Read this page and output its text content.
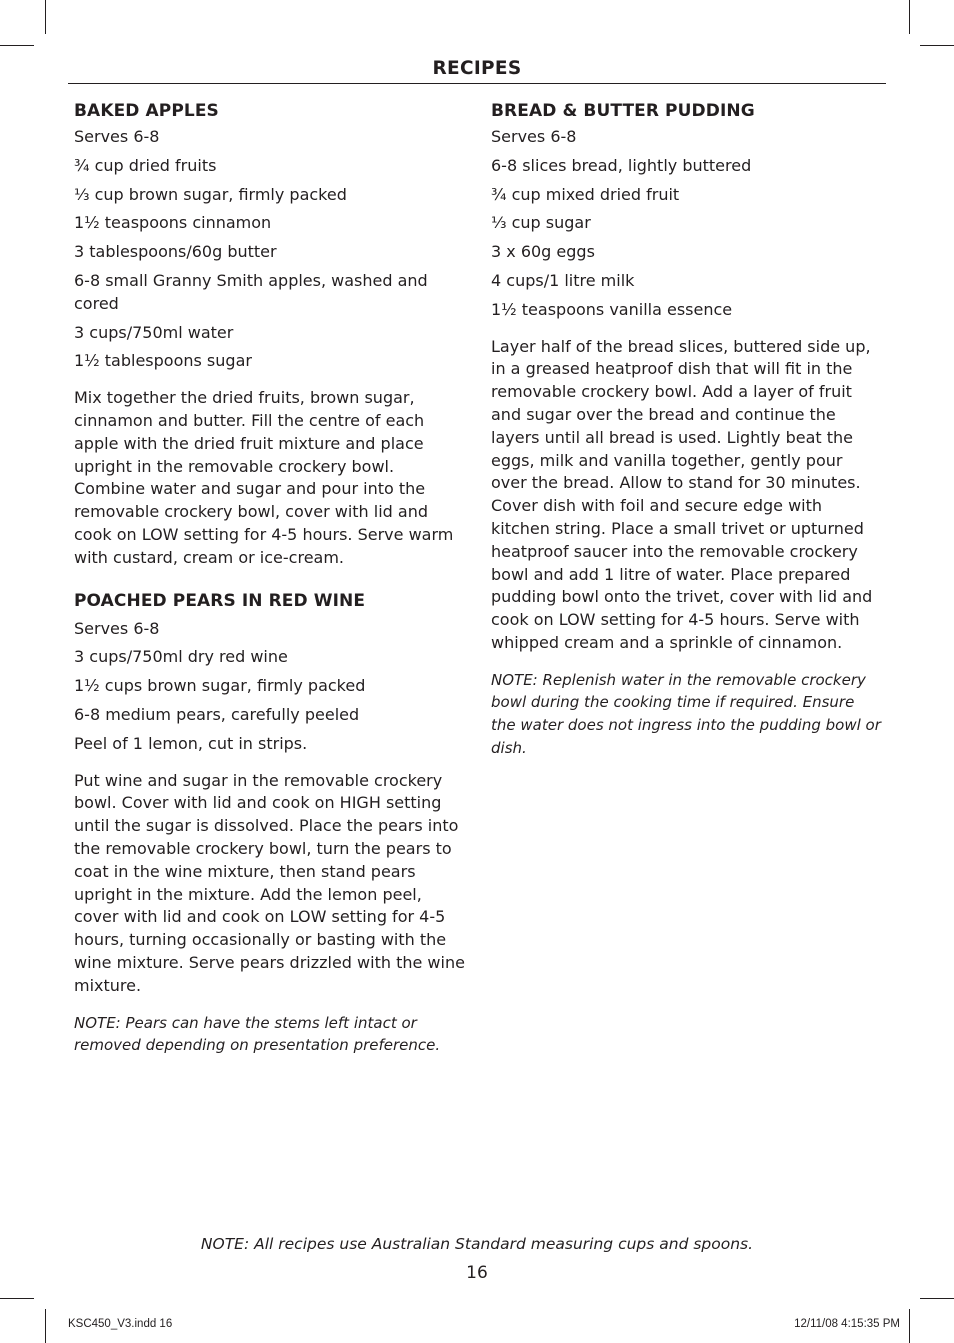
RECIPES
BAKED APPLES

Serves 6-8

¾ cup dried fruits

⅓ cup brown sugar, firmly packed

1½ teaspoons cinnamon

3 tablespoons/60g butter

6-8 small Granny Smith apples, washed and cored

3 cups/750ml water

1½ tablespoons sugar

Mix together the dried fruits, brown sugar, cinnamon and butter. Fill the centre of each apple with the dried fruit mixture and place upright in the removable crockery bowl. Combine water and sugar and pour into the removable crockery bowl, cover with lid and cook on LOW setting for 4-5 hours. Serve warm with custard, cream or ice-cream.

POACHED PEARS IN RED WINE

Serves 6-8

3 cups/750ml dry red wine

1½ cups brown sugar, firmly packed

6-8 medium pears, carefully peeled

Peel of 1 lemon, cut in strips.

Put wine and sugar in the removable crockery bowl. Cover with lid and cook on HIGH setting until the sugar is dissolved. Place the pears into the removable crockery bowl, turn the pears to coat in the wine mixture, then stand pears upright in the mixture. Add the lemon peel, cover with lid and cook on LOW setting for 4-5 hours, turning occasionally or basting with the wine mixture. Serve pears drizzled with the wine mixture.

NOTE: Pears can have the stems left intact or removed depending on presentation preference.

BREAD & BUTTER PUDDING

Serves 6-8

6-8 slices bread, lightly buttered

¾ cup mixed dried fruit

⅓ cup sugar

3 x 60g eggs

4 cups/1 litre milk

1½ teaspoons vanilla essence

Layer half of the bread slices, buttered side up, in a greased heatproof dish that will fit in the removable crockery bowl. Add a layer of fruit and sugar over the bread and continue the layers until all bread is used. Lightly beat the eggs, milk and vanilla together, gently pour over the bread. Allow to stand for 30 minutes. Cover dish with foil and secure edge with kitchen string. Place a small trivet or upturned heatproof saucer into the removable crockery bowl and add 1 litre of water. Place prepared pudding bowl onto the trivet, cover with lid and cook on LOW setting for 4-5 hours. Serve with whipped cream and a sprinkle of cinnamon.

NOTE: Replenish water in the removable crockery bowl during the cooking time if required. Ensure the water does not ingress into the pudding bowl or dish.

NOTE: All recipes use Australian Standard measuring cups and spoons.
16
KSC450_V3.indd 16	12/11/08 4:15:35 PM
